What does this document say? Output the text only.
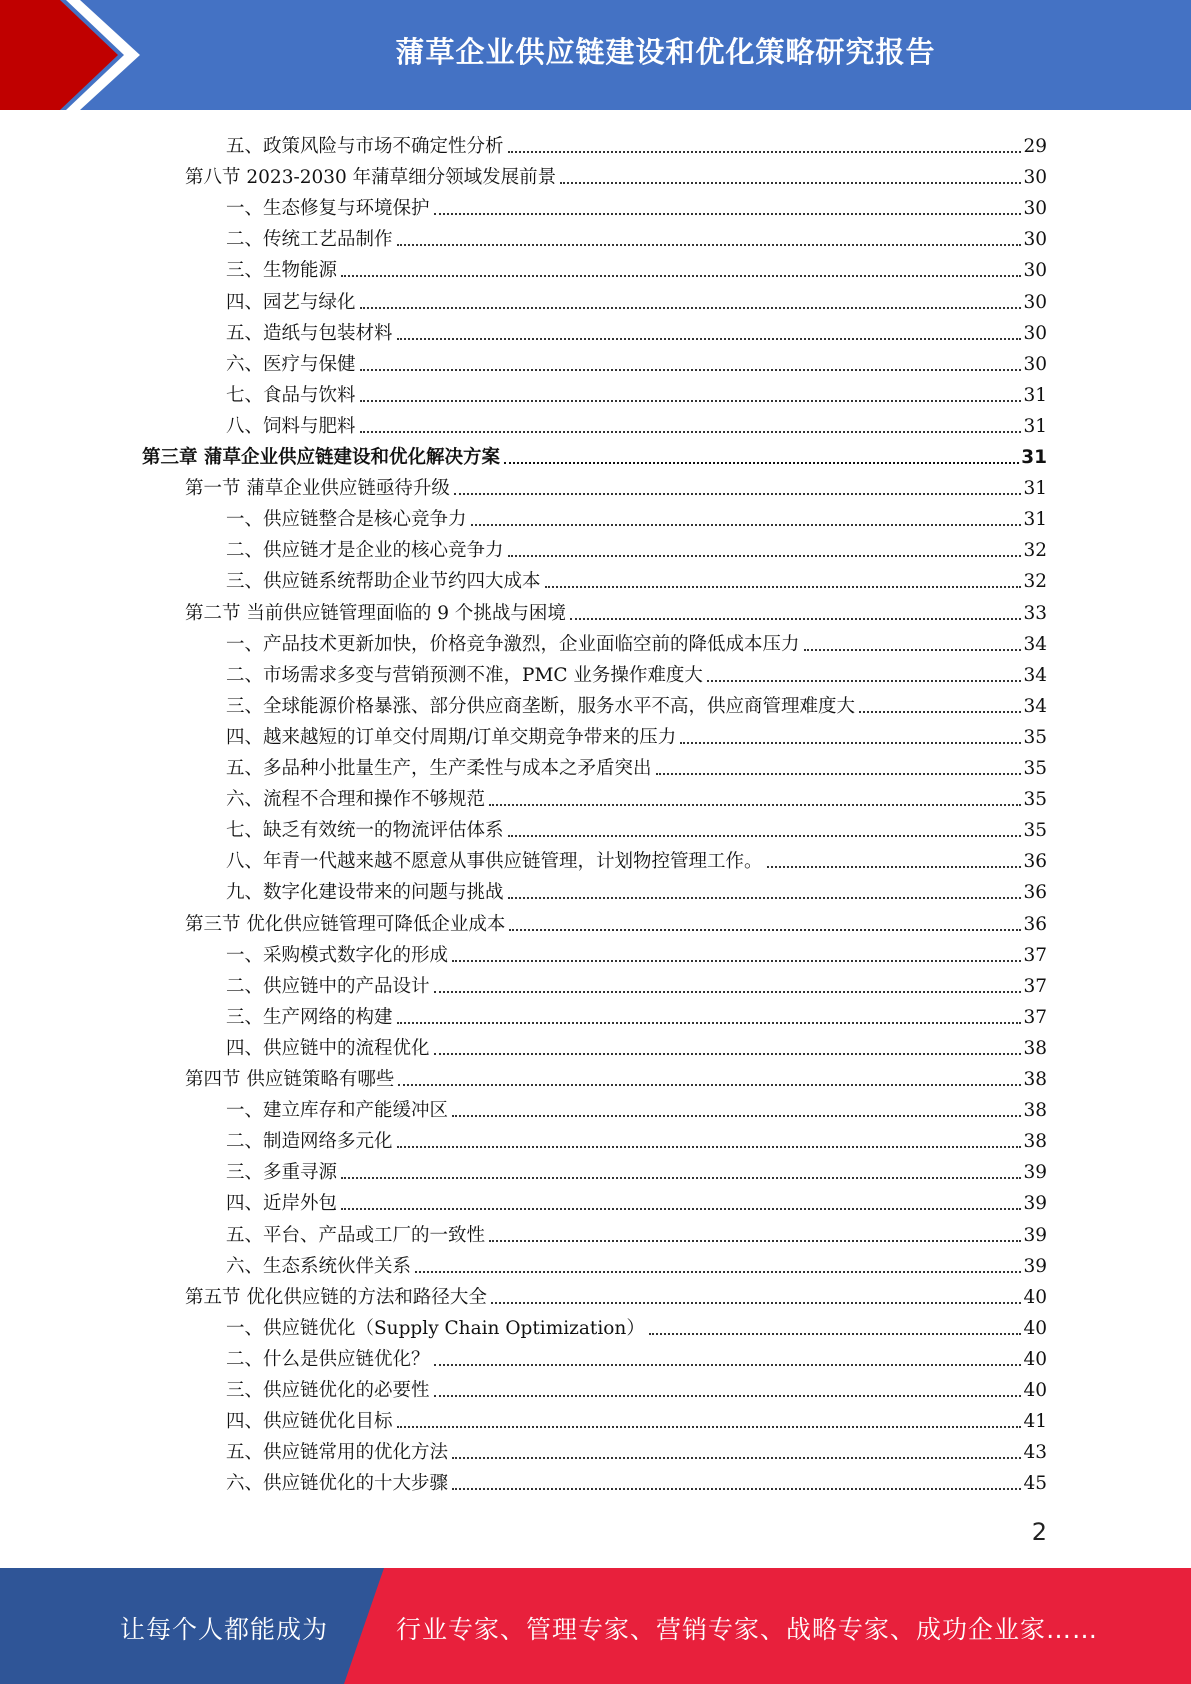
蒲草企业供应链建设和优化策略研究报告
五、政策风险与市场不确定性分析	29
第八节 2023-2030 年蒲草细分领域发展前景	30
一、生态修复与环境保护	30
二、传统工艺品制作	30
三、生物能源	30
四、园艺与绿化	30
五、造纸与包装材料	30
六、医疗与保健	30
七、食品与饮料	31
八、饲料与肥料	31
第三章 蒲草企业供应链建设和优化解决方案	31
第一节 蒲草企业供应链亟待升级	31
一、供应链整合是核心竞争力	31
二、供应链才是企业的核心竞争力	32
三、供应链系统帮助企业节约四大成本	32
第二节 当前供应链管理面临的 9 个挑战与困境	33
一、产品技术更新加快，价格竞争激烈，企业面临空前的降低成本压力	34
二、市场需求多变与营销预测不准，PMC 业务操作难度大	34
三、全球能源价格暴涨、部分供应商垄断，服务水平不高，供应商管理难度大	34
四、越来越短的订单交付周期/订单交期竞争带来的压力	35
五、多品种小批量生产，生产柔性与成本之矛盾突出	35
六、流程不合理和操作不够规范	35
七、缺乏有效统一的物流评估体系	35
八、年青一代越来越不愿意从事供应链管理，计划物控管理工作。	36
九、数字化建设带来的问题与挑战	36
第三节 优化供应链管理可降低企业成本	36
一、采购模式数字化的形成	37
二、供应链中的产品设计	37
三、生产网络的构建	37
四、供应链中的流程优化	38
第四节 供应链策略有哪些	38
一、建立库存和产能缓冲区	38
二、制造网络多元化	38
三、多重寻源	39
四、近岸外包	39
五、平台、产品或工厂的一致性	39
六、生态系统伙伴关系	39
第五节 优化供应链的方法和路径大全	40
一、供应链优化（Supply Chain Optimization）	40
二、什么是供应链优化？	40
三、供应链优化的必要性	40
四、供应链优化目标	41
五、供应链常用的优化方法	43
六、供应链优化的十大步骤	45
2
让每个人都能成为	行业专家、管理专家、营销专家、战略专家、成功企业家……
